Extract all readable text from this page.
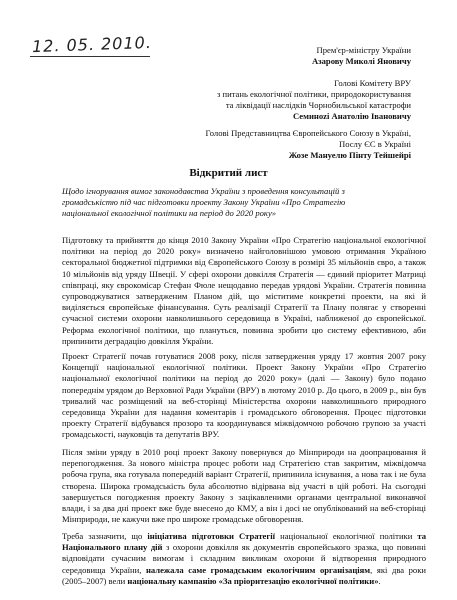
12. 05. 2010.	Прем'єр-міністру України
Азарову Миколі Яновичу
Голові Комітету ВРУ
з питань екологічної політики, природокористування
та ліквідації наслідків Чорнобильської катастрофи
Семиноzі Анатолію Івановичу
Голові Представництва Європейського Союзу в Україні,
Послу ЄС в Україні
Жозе Мануелю Пінту Тейшейрі
Відкритий лист
Щодо ігнорування вимог законодавства України з проведення консультацій з громадськістю під час підготовки проекту Закону України «Про Стратегію національної екологічної політики на період до 2020 року»
Підготовку та прийняття до кінця 2010 Закону України «Про Стратегію національної екологічної політики на період до 2020 року» визначено найголовнішою умовою отримання Україною секторальної бюджетної підтримки від Європейського Союзу в розмірі 35 мільйонів євро, а також 10 мільйонів від уряду Швеції. У сфері охорони довкілля Стратегія — єдиний пріоритет Матриці співпраці, яку єврокомісар Стефан Фюле нещодавно передав урядові України. Стратегія повинна супроводжуватися затвердженим Планом дій, що міститиме конкретні проекти, на які й виділяється європейське фінансування. Суть реалізації Стратегії та Плану полягає у створенні сучасної системи охорони навколишнього середовища в Україні, наближеної до європейської. Реформа екологічної політики, що плануться, повинна зробити цю систему ефективною, аби припинити деградацію довкілля України.
Проект Стратегії почав готуватися 2008 року, після затвердження уряду 17 жовтня 2007 року Концепції національної екологічної політики. Проект Закону України «Про Стратегію національної екологічної політики на період до 2020 року» (далі — Закону) було подано попереднім урядом до Верховної Ради України (ВРУ) в лютому 2010 р. До цього, в 2009 р., він був тривалий час розміщений на веб-сторінці Міністерства охорони навколишнього природного середовища України для надання коментарів і громадського обговорення. Процес підготовки проекту Стратегії відбувався прозоро та координувався міжвідомчою робочою групою за участі громадськості, науковців та депутатів ВРУ.
Після зміни уряду в 2010 році проект Закону повернувся до Мінприроди на доопрацювання й перепогодження. За нового міністра процес роботи над Стратегією став закритим, міжвідомча робоча група, яка готувала попередній варіант Стратегії, припинила існування, а нова так і не була створена. Широка громадськість була абсолютно відірвана від участі в цій роботі. На сьогодні завершується погодження проекту Закону з зацікавленими органами центральної виконавчої влади, і за два дні проект вже буде внесено до КМУ, а він і досі не опублікований на веб-сторінці Мінприроди, не кажучи вже про широке громадське обговорення.
Треба зазначити, що ініціатива підготовки Стратегії національної екологічної політики та Національного плану дій з охорони довкілля як документів європейського зразка, що повинні відповідати сучасним вимогам і складним викликам охорони й відтворення природного середовища України, належала саме громадським екологічним організаціям, які два роки (2005–2007) вели національну кампанію «За пріоритезацію екологічної політики».
